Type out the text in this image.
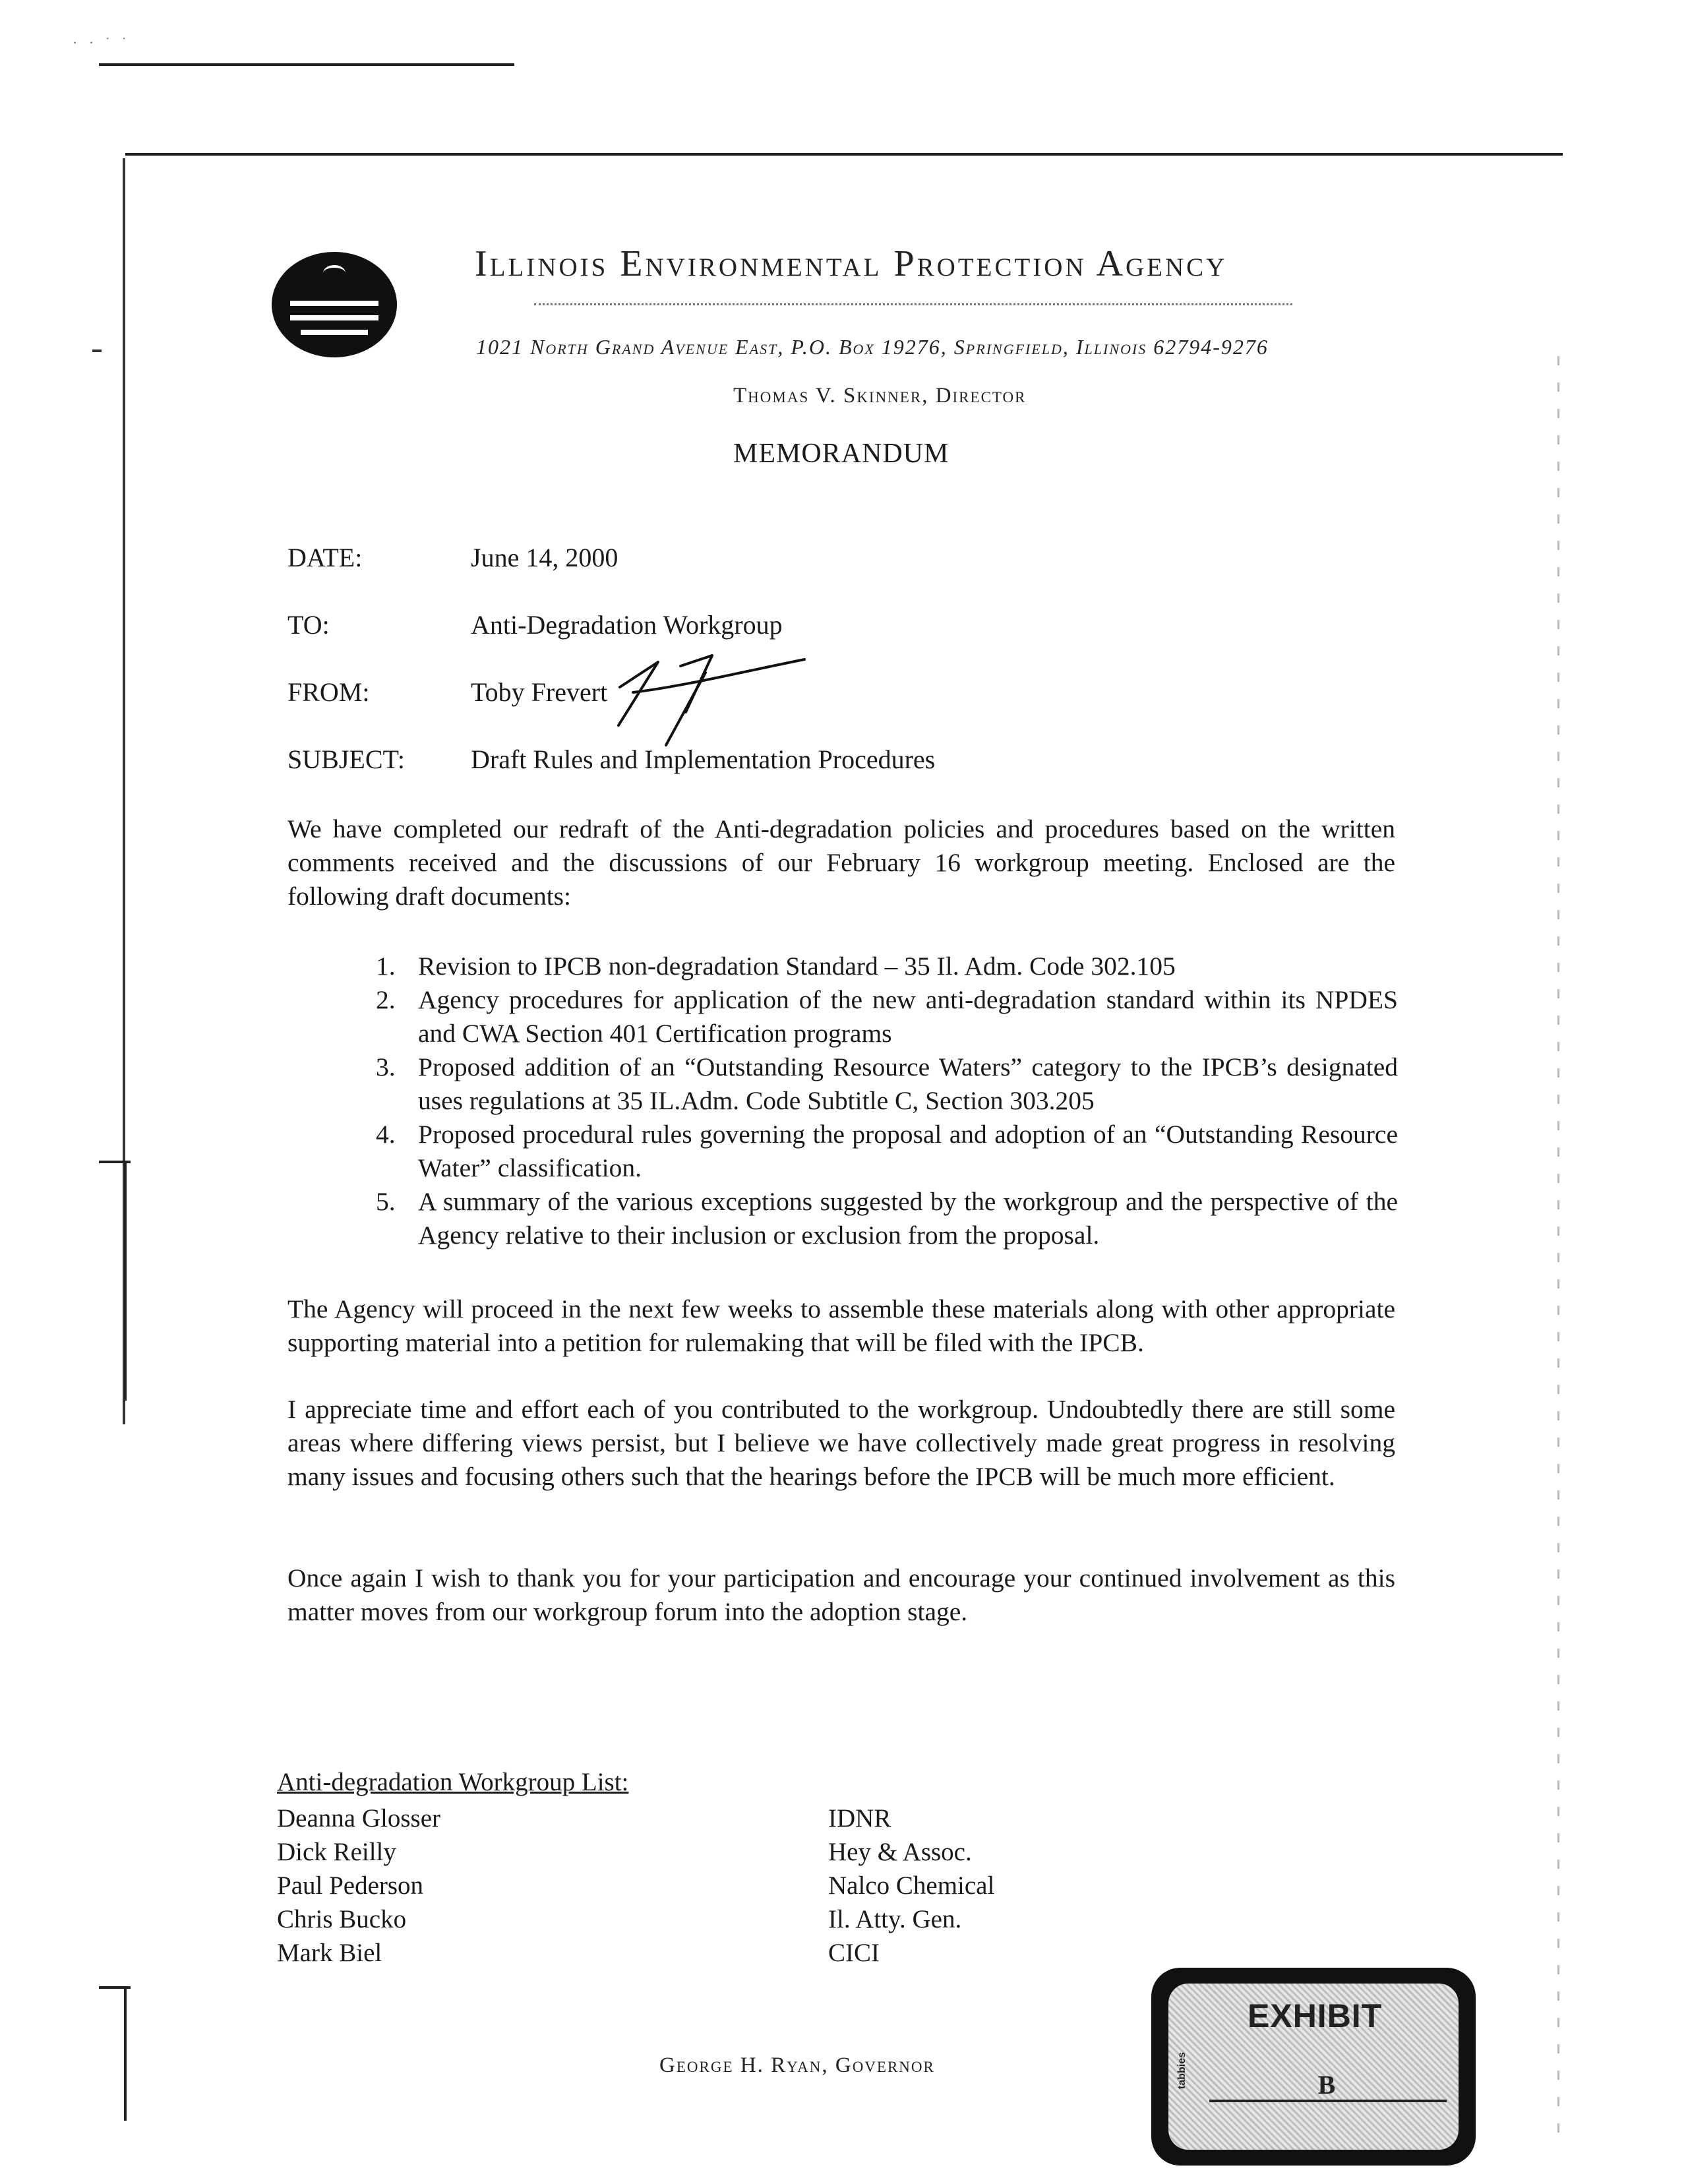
· · ˙ ˙
Illinois Environmental Protection Agency
1021 North Grand Avenue East, P.O. Box 19276, Springfield, Illinois 62794-9276
Thomas V. Skinner, Director
MEMORANDUM
DATE:	June 14, 2000
TO:	Anti-Degradation Workgroup
FROM:	Toby Frevert
SUBJECT:	Draft Rules and Implementation Procedures
We have completed our redraft of the Anti-degradation policies and procedures based on the written comments received and the discussions of our February 16 workgroup meeting. Enclosed are the following draft documents:
1. Revision to IPCB non-degradation Standard – 35 Il. Adm. Code 302.105
2. Agency procedures for application of the new anti-degradation standard within its NPDES and CWA Section 401 Certification programs
3. Proposed addition of an “Outstanding Resource Waters” category to the IPCB’s designated uses regulations at 35 IL.Adm. Code Subtitle C, Section 303.205
4. Proposed procedural rules governing the proposal and adoption of an “Outstanding Resource Water” classification.
5. A summary of the various exceptions suggested by the workgroup and the perspective of the Agency relative to their inclusion or exclusion from the proposal.
The Agency will proceed in the next few weeks to assemble these materials along with other appropriate supporting material into a petition for rulemaking that will be filed with the IPCB.
I appreciate time and effort each of you contributed to the workgroup. Undoubtedly there are still some areas where differing views persist, but I believe we have collectively made great progress in resolving many issues and focusing others such that the hearings before the IPCB will be much more efficient.
Once again I wish to thank you for your participation and encourage your continued involvement as this matter moves from our workgroup forum into the adoption stage.
Anti-degradation Workgroup List:
Deanna Glosser	IDNR
Dick Reilly	Hey & Assoc.
Paul Pederson	Nalco Chemical
Chris Bucko	Il. Atty. Gen.
Mark Biel	CICI
George H. Ryan, Governor
EXHIBIT
tabbies	B
